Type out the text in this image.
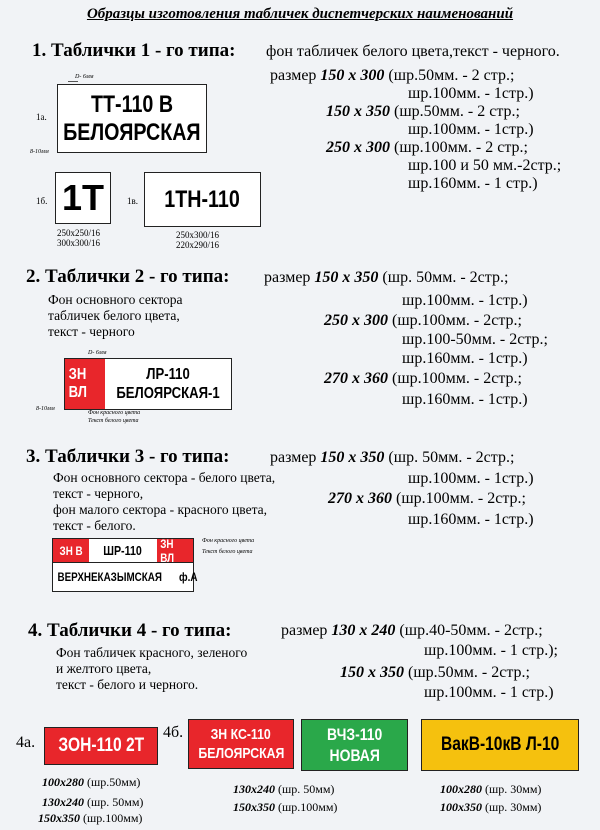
Образцы изготовления табличек диспетчерских наименований
1. Таблички 1 - го типа: фон табличек белого цвета,текст - черного.
размер 150 х 300 (шр.50мм. - 2 стр.;
шр.100мм. - 1стр.)
150 х 350 (шр.50мм. - 2 стр.;
шр.100мм. - 1стр.)
250 х 300 (шр.100мм. - 2 стр.;
шр.100 и 50 мм.-2стр.;
шр.160мм. - 1 стр.)
1а.
D- 6мм
ТТ-110 В
БЕЛОЯРСКАЯ
8-10мм
1б. 1Т
250x250/16
300x300/16
1в. 1ТН-110
250x300/16
220x290/16
2. Таблички 2 - го типа: размер 150 х 350 (шр. 50мм. - 2стр.;
шр.100мм. - 1стр.)
250 х 300 (шр.100мм. - 2стр.;
шр.100-50мм. - 2стр.;
шр.160мм. - 1стр.)
270 х 360 (шр.100мм. - 2стр.;
шр.160мм. - 1стр.)
Фон основного сектора
табличек белого цвета,
текст - черного
D- 6мм
ЗН ВЛ
ЛР-110
БЕЛОЯРСКАЯ-1
Фон красного цвета
Текст белого цвета
8-10мм
3. Таблички 3 - го типа:	размер 150 х 350 (шр. 50мм. - 2стр.;
шр.100мм. - 1стр.)
270 х 360 (шр.100мм. - 2стр.;
шр.160мм. - 1стр.)
Фон основного сектора - белого цвета,
текст - черного,
фон малого сектора - красного цвета,
текст - белого.
ЗН В ШР-110 ЗН ВЛ
ВЕРХНЕКАЗЫМСКАЯ
ф.А
Фон красного цвета
Текст белого цвета
4. Таблички 4 - го типа:	размер 130 х 240 (шр.40-50мм. - 2стр.;
шр.100мм. - 1 стр.);
150 х 350 (шр.50мм. - 2стр.;
шр.100мм. - 1 стр.)
Фон табличек красного, зеленого
и желтого цвета,
текст - белого и черного.
4а. ЗОН-110 2Т
100x280 (шр.50мм)
130x240 (шр. 50мм)
150x350 (шр.100мм)
4б. ЗН КС-110
БЕЛОЯРСКАЯ
130x240 (шр. 50мм)
150x350 (шр.100мм)
ВЧЗ-110
НОВАЯ
ВакВ-10кВ Л-10
100x280 (шр. 30мм)
100x350 (шр. 30мм)
